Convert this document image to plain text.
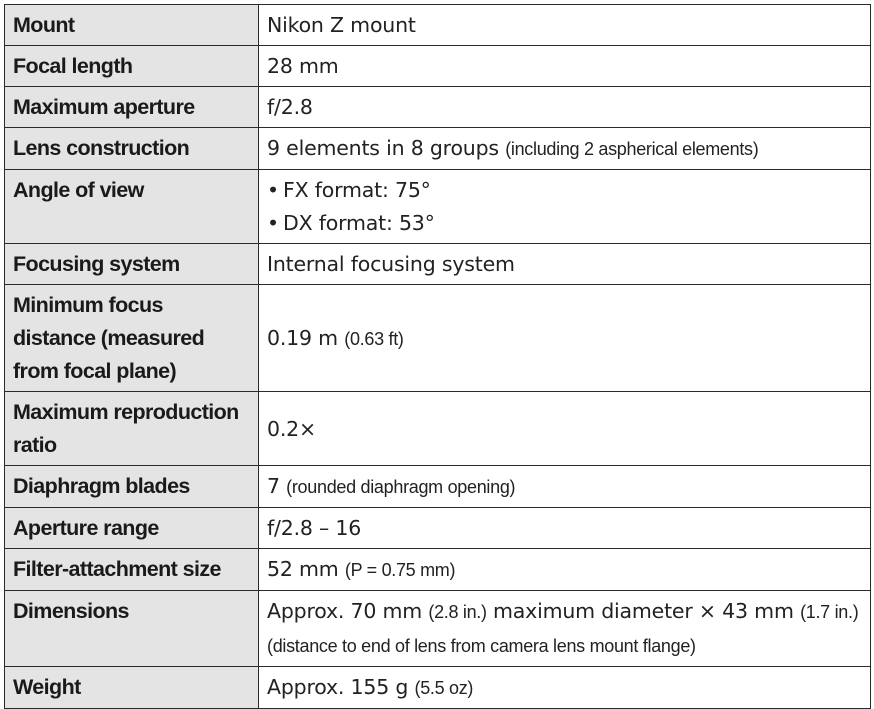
Mount	Nikon Z mount
Focal length	28 mm
Maximum aperture	f/2.8
Lens construction	9 elements in 8 groups (including 2 aspherical elements)
Angle of view	• FX format: 75°
• DX format: 53°

Focusing system	Internal focusing system
Minimum focus distance (measured from focal plane)	0.19 m (0.63 ft)
Maximum reproduction ratio	0.2×
Diaphragm blades	7 (rounded diaphragm opening)
Aperture range	f/2.8 – 16
Filter-attachment size	52 mm (P = 0.75 mm)
Dimensions	Approx. 70 mm (2.8 in.) maximum diameter × 43 mm (1.7 in.)
(distance to end of lens from camera lens mount flange)
Weight	Approx. 155 g (5.5 oz)
